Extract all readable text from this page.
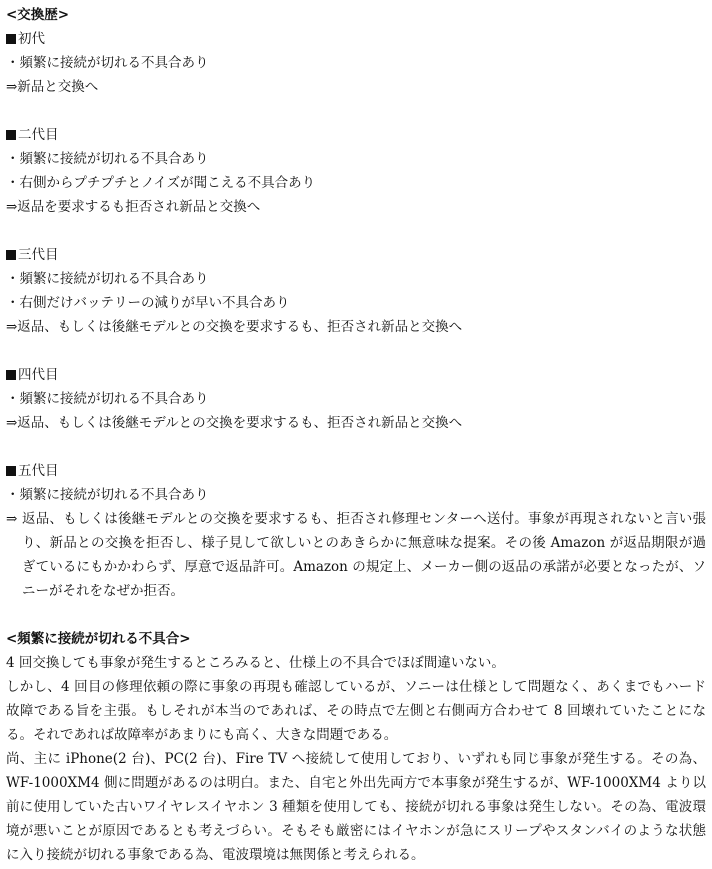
<交換歴>
初代
・頻繁に接続が切れる不具合あり
⇒新品と交換へ
二代目
・頻繁に接続が切れる不具合あり
・右側からプチプチとノイズが聞こえる不具合あり
⇒返品を要求するも拒否され新品と交換へ
三代目
・頻繁に接続が切れる不具合あり
・右側だけバッテリーの減りが早い不具合あり
⇒返品、もしくは後継モデルとの交換を要求するも、拒否され新品と交換へ
四代目
・頻繁に接続が切れる不具合あり
⇒返品、もしくは後継モデルとの交換を要求するも、拒否され新品と交換へ
五代目
・頻繁に接続が切れる不具合あり
⇒ 返品、もしくは後継モデルとの交換を要求するも、拒否され修理センターへ送付。事象が再現されないと言い張り、新品との交換を拒否し、様子見して欲しいとのあきらかに無意味な提案。その後 Amazon が返品期限が過ぎているにもかかわらず、厚意で返品許可。Amazon の規定上、メーカー側の返品の承諾が必要となったが、ソニーがそれをなぜか拒否。
<頻繁に接続が切れる不具合>
4 回交換しても事象が発生するところみると、仕様上の不具合でほぼ間違いない。
しかし、4 回目の修理依頼の際に事象の再現も確認しているが、ソニーは仕様として問題なく、あくまでもハード故障である旨を主張。もしそれが本当のであれば、その時点で左側と右側両方合わせて 8 回壊れていたことになる。それであれば故障率があまりにも高く、大きな問題である。
尚、主に iPhone(2 台)、PC(2 台)、Fire TV へ接続して使用しており、いずれも同じ事象が発生する。その為、WF-1000XM4 側に問題があるのは明白。また、自宅と外出先両方で本事象が発生するが、WF-1000XM4 より以前に使用していた古いワイヤレスイヤホン 3 種類を使用しても、接続が切れる事象は発生しない。その為、電波環境が悪いことが原因であるとも考えづらい。そもそも厳密にはイヤホンが急にスリープやスタンバイのような状態に入り接続が切れる事象である為、電波環境は無関係と考えられる。
